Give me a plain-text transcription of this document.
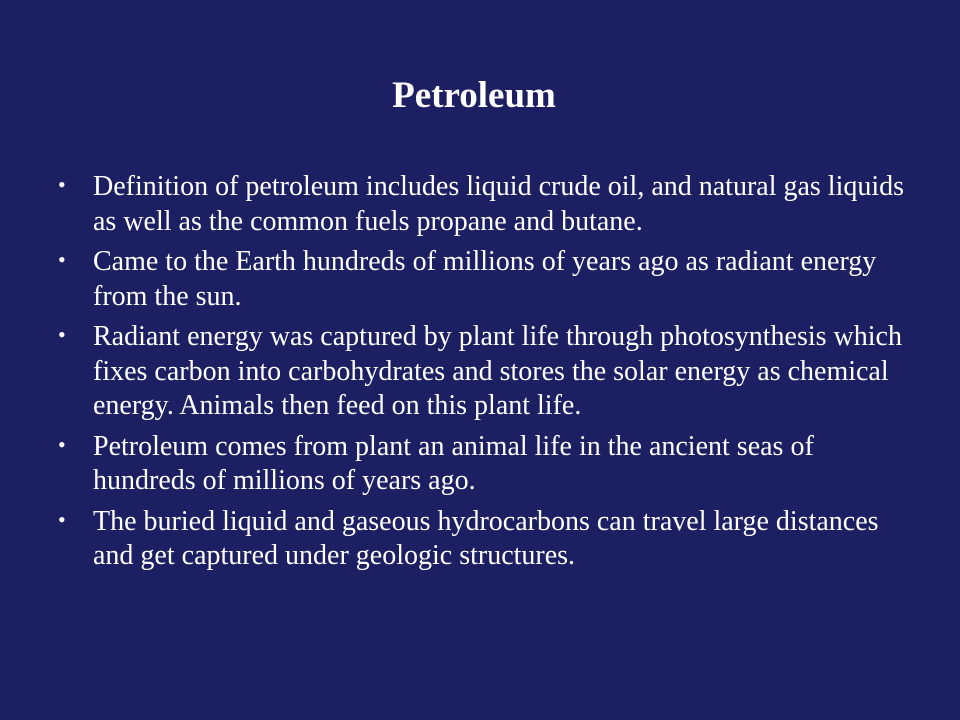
Petroleum
• Definition of petroleum includes liquid crude oil, and natural gas liquids as well as the common fuels propane and butane.
• Came to the Earth hundreds of millions of years ago as radiant energy from the sun.
• Radiant energy was captured by plant life through photosynthesis which fixes carbon into carbohydrates and stores the solar energy as chemical energy. Animals then feed on this plant life.
• Petroleum comes from plant an animal life in the ancient seas of hundreds of millions of years ago.
• The buried liquid and gaseous hydrocarbons can travel large distances and get captured under geologic structures.
